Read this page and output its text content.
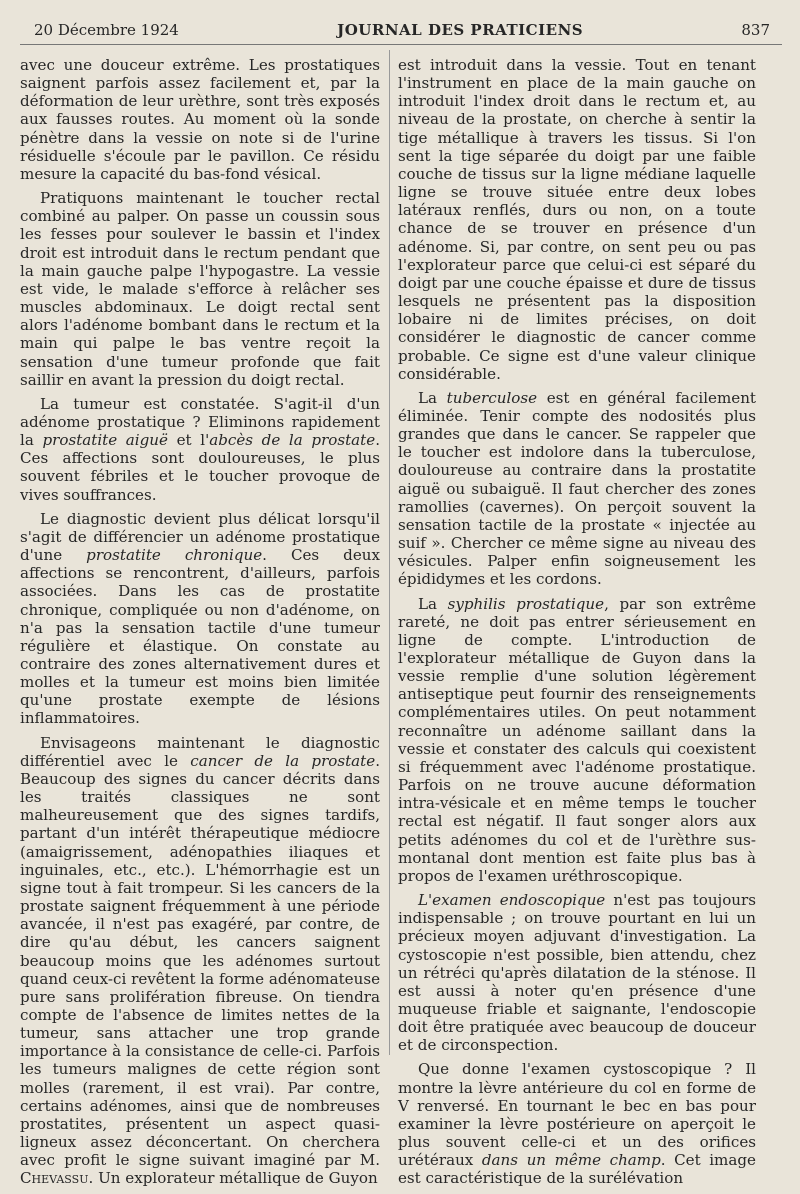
20 Décembre 1924	JOURNAL DES PRATICIENS	837

avec une douceur extrême. Les prostatiques saignent parfois assez facilement et, par la déformation de leur urèthre, sont très exposés aux fausses routes. Au moment où la sonde pénètre dans la vessie on note si de l'urine résiduelle s'écoule par le pavillon. Ce résidu mesure la capacité du bas-fond vésical.

Pratiquons maintenant le toucher rectal combiné au palper. On passe un coussin sous les fesses pour soulever le bassin et l'index droit est introduit dans le rectum pendant que la main gauche palpe l'hypogastre. La vessie est vide, le malade s'efforce à relâcher ses muscles abdominaux. Le doigt rectal sent alors l'adénome bombant dans le rectum et la main qui palpe le bas ventre reçoit la sensation d'une tumeur profonde que fait saillir en avant la pression du doigt rectal.

La tumeur est constatée. S'agit-il d'un adénome prostatique ? Eliminons rapidement la prostatite aiguë et l'abcès de la prostate. Ces affections sont douloureuses, le plus souvent fébriles et le toucher provoque de vives souffrances.

Le diagnostic devient plus délicat lorsqu'il s'agit de différencier un adénome prostatique d'une prostatite chronique. Ces deux affections se rencontrent, d'ailleurs, parfois associées. Dans les cas de prostatite chronique, compliquée ou non d'adénome, on n'a pas la sensation tactile d'une tumeur régulière et élastique. On constate au contraire des zones alternativement dures et molles et la tumeur est moins bien limitée qu'une prostate exempte de lésions inflammatoires.

Envisageons maintenant le diagnostic différentiel avec le cancer de la prostate. Beaucoup des signes du cancer décrits dans les traités classiques ne sont malheureusement que des signes tardifs, partant d'un intérêt thérapeutique médiocre (amaigrissement, adénopathies iliaques et inguinales, etc., etc.). L'hémorrhagie est un signe tout à fait trompeur. Si les cancers de la prostate saignent fréquemment à une période avancée, il n'est pas exagéré, par contre, de dire qu'au début, les cancers saignent beaucoup moins que les adénomes surtout quand ceux-ci revêtent la forme adénomateuse pure sans prolifération fibreuse. On tiendra compte de l'absence de limites nettes de la tumeur, sans attacher une trop grande importance à la consistance de celle-ci. Parfois les tumeurs malignes de cette région sont molles (rarement, il est vrai). Par contre, certains adénomes, ainsi que de nombreuses prostatites, présentent un aspect quasi-ligneux assez déconcertant. On cherchera avec profit le signe suivant imaginé par M. Chevassu. Un explorateur métallique de Guyon

est introduit dans la vessie. Tout en tenant l'instrument en place de la main gauche on introduit l'index droit dans le rectum et, au niveau de la prostate, on cherche à sentir la tige métallique à travers les tissus. Si l'on sent la tige séparée du doigt par une faible couche de tissus sur la ligne médiane laquelle ligne se trouve située entre deux lobes latéraux renflés, durs ou non, on a toute chance de se trouver en présence d'un adénome. Si, par contre, on sent peu ou pas l'explorateur parce que celui-ci est séparé du doigt par une couche épaisse et dure de tissus lesquels ne présentent pas la disposition lobaire ni de limites précises, on doit considérer le diagnostic de cancer comme probable. Ce signe est d'une valeur clinique considérable.

La tuberculose est en général facilement éliminée. Tenir compte des nodosités plus grandes que dans le cancer. Se rappeler que le toucher est indolore dans la tuberculose, douloureuse au contraire dans la prostatite aiguë ou subaiguë. Il faut chercher des zones ramollies (cavernes). On perçoit souvent la sensation tactile de la prostate « injectée au suif ». Chercher ce même signe au niveau des vésicules. Palper enfin soigneusement les épididymes et les cordons.

La syphilis prostatique, par son extrême rareté, ne doit pas entrer sérieusement en ligne de compte. L'introduction de l'explorateur métallique de Guyon dans la vessie remplie d'une solution légèrement antiseptique peut fournir des renseignements complémentaires utiles. On peut notamment reconnaître un adénome saillant dans la vessie et constater des calculs qui coexistent si fréquemment avec l'adénome prostatique. Parfois on ne trouve aucune déformation intra-vésicale et en même temps le toucher rectal est négatif. Il faut songer alors aux petits adénomes du col et de l'urèthre sus-montanal dont mention est faite plus bas à propos de l'examen uréthroscopique.

L'examen endoscopique n'est pas toujours indispensable ; on trouve pourtant en lui un précieux moyen adjuvant d'investigation. La cystoscopie n'est possible, bien attendu, chez un rétréci qu'après dilatation de la sténose. Il est aussi à noter qu'en présence d'une muqueuse friable et saignante, l'endoscopie doit être pratiquée avec beaucoup de douceur et de circonspection.

Que donne l'examen cystoscopique ? Il montre la lèvre antérieure du col en forme de V renversé. En tournant le bec en bas pour examiner la lèvre postérieure on aperçoit le plus souvent celle-ci et un des orifices urétéraux dans un même champ. Cet image est caractéristique de la surélévation
